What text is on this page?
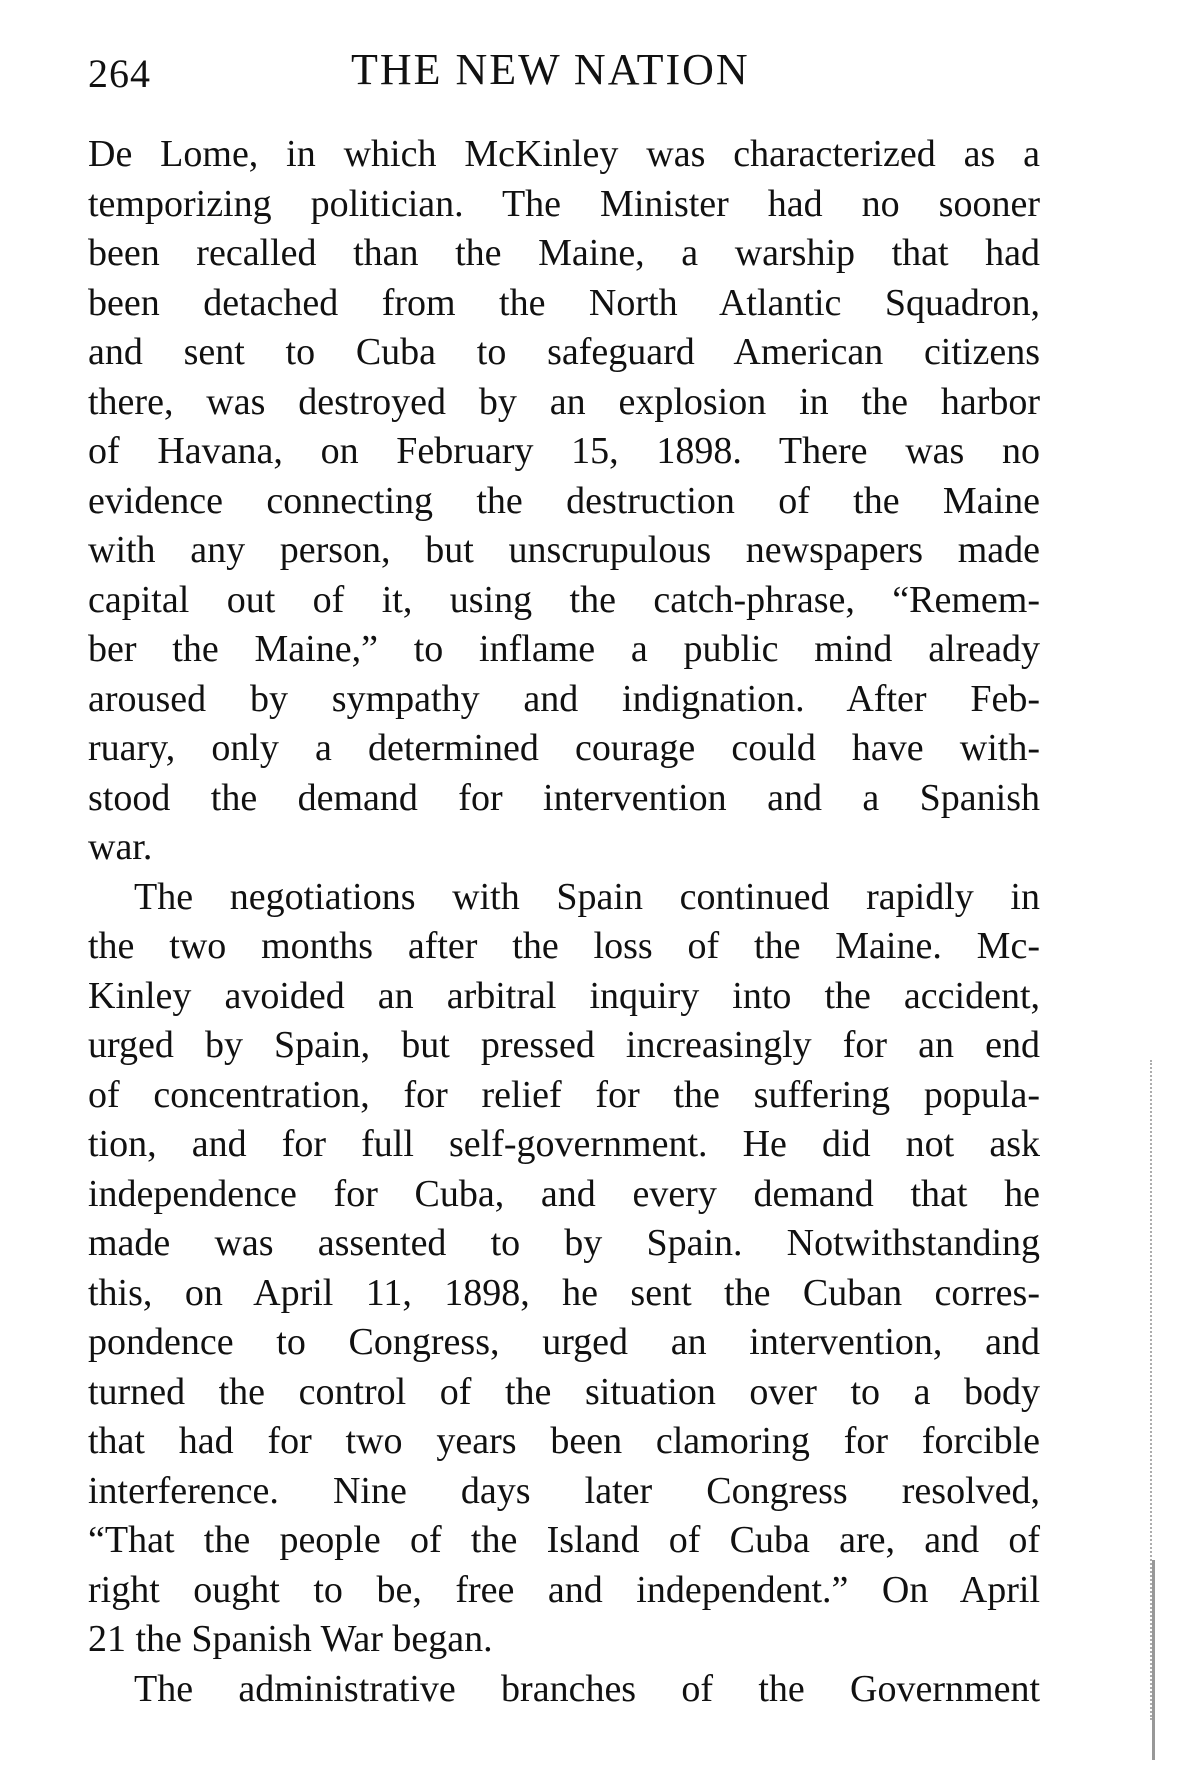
264	THE NEW NATION
De Lome, in which McKinley was characterized as a
temporizing politician. The Minister had no sooner
been recalled than the Maine, a warship that had
been detached from the North Atlantic Squadron,
and sent to Cuba to safeguard American citizens
there, was destroyed by an explosion in the harbor
of Havana, on February 15, 1898. There was no
evidence connecting the destruction of the Maine
with any person, but unscrupulous newspapers made
capital out of it, using the catch-phrase, “Remem-
ber the Maine,” to inflame a public mind already
aroused by sympathy and indignation. After Feb-
ruary, only a determined courage could have with-
stood the demand for intervention and a Spanish
war.
The negotiations with Spain continued rapidly in
the two months after the loss of the Maine. Mc-
Kinley avoided an arbitral inquiry into the accident,
urged by Spain, but pressed increasingly for an end
of concentration, for relief for the suffering popula-
tion, and for full self-government. He did not ask
independence for Cuba, and every demand that he
made was assented to by Spain. Notwithstanding
this, on April 11, 1898, he sent the Cuban corres-
pondence to Congress, urged an intervention, and
turned the control of the situation over to a body
that had for two years been clamoring for forcible
interference. Nine days later Congress resolved,
“That the people of the Island of Cuba are, and of
right ought to be, free and independent.” On April
21 the Spanish War began.
The administrative branches of the Government
